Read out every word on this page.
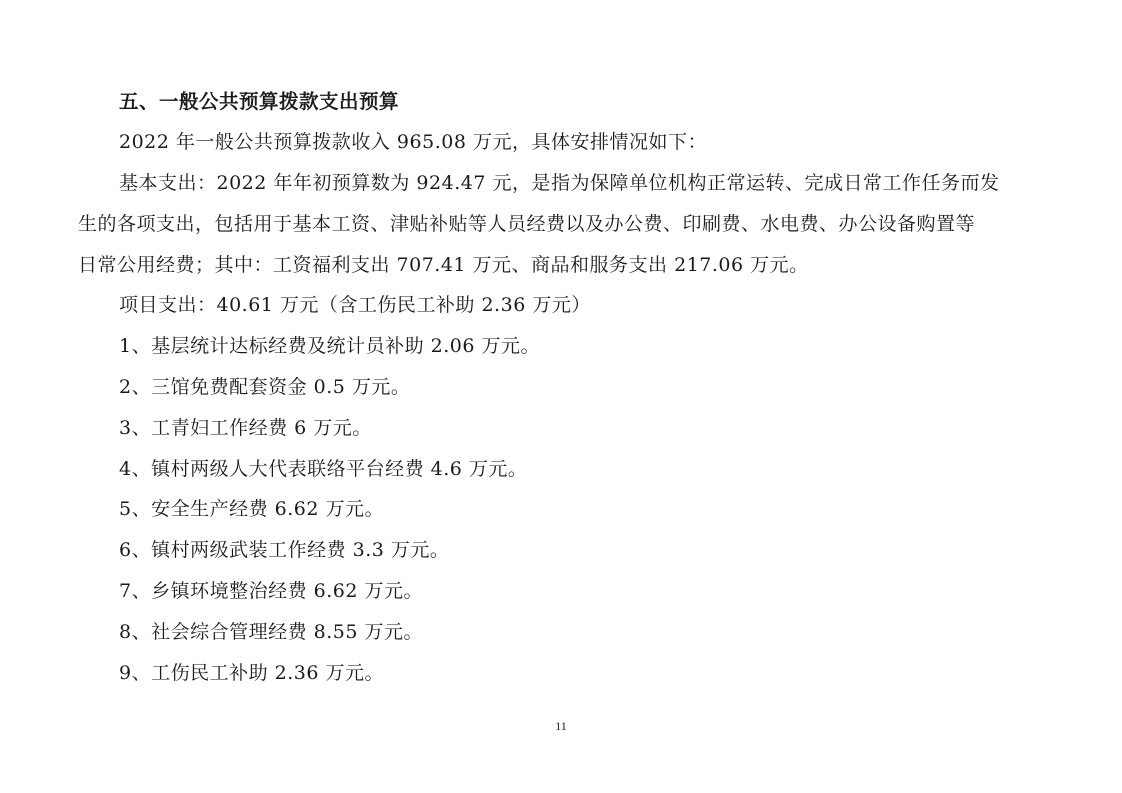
五、一般公共预算拨款支出预算
2022 年一般公共预算拨款收入 965.08 万元，具体安排情况如下：
基本支出：2022 年年初预算数为 924.47 元，是指为保障单位机构正常运转、完成日常工作任务而发
生的各项支出，包括用于基本工资、津贴补贴等人员经费以及办公费、印刷费、水电费、办公设备购置等
日常公用经费；其中：工资福利支出 707.41 万元、商品和服务支出 217.06 万元。
项目支出：40.61 万元（含工伤民工补助 2.36 万元）
1、基层统计达标经费及统计员补助 2.06 万元。
2、三馆免费配套资金 0.5 万元。
3、工青妇工作经费 6 万元。
4、镇村两级人大代表联络平台经费 4.6 万元。
5、安全生产经费 6.62 万元。
6、镇村两级武装工作经费 3.3 万元。
7、乡镇环境整治经费 6.62 万元。
8、社会综合管理经费 8.55 万元。
9、工伤民工补助 2.36 万元。
11
